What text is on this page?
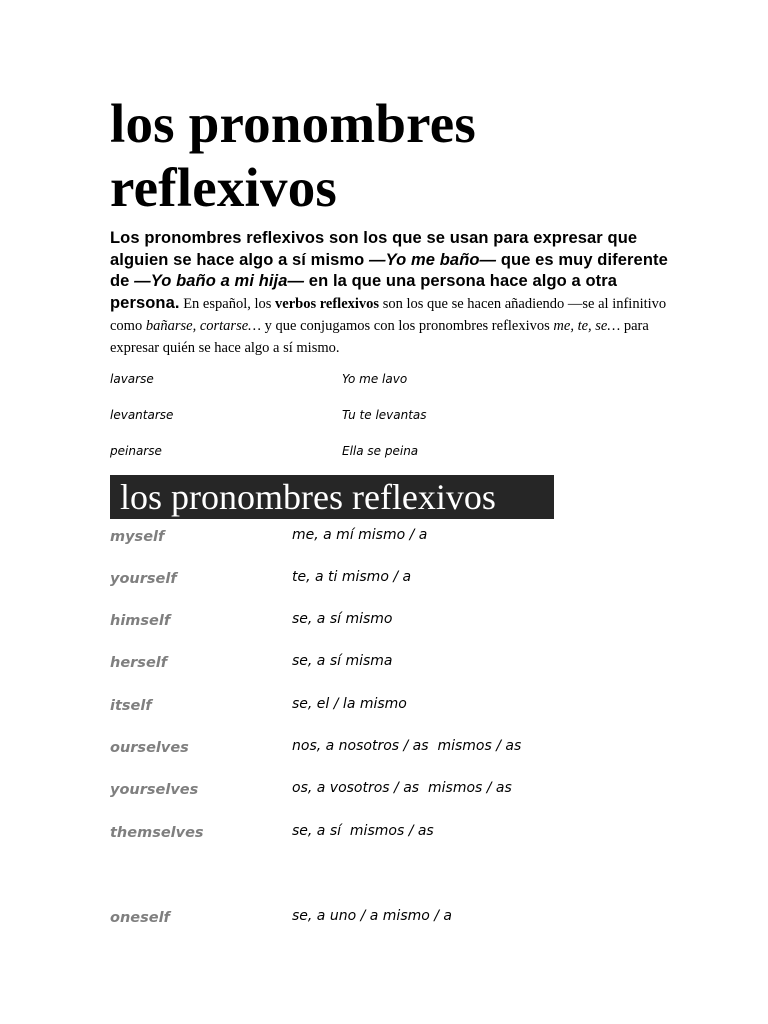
los pronombres reflexivos

Los pronombres reflexivos son los que se usan para expresar que alguien se hace algo a sí mismo —Yo me baño— que es muy diferente de —Yo baño a mi hija— en la que una persona hace algo a otra persona. En español, los verbos reflexivos son los que se hacen añadiendo —se al infinitivo como bañarse, cortarse… y que conjugamos con los pronombres reflexivos me, te, se… para expresar quién se hace algo a sí mismo.

lavarse	Yo me lavo
levantarse	Tu te levantas
peinarse	Ella se peina
los pronombres reflexivos
myself	me, a mí mismo / a
yourself	te, a ti mismo / a
himself	se, a sí mismo
herself	se, a sí misma
itself	se, el / la mismo
ourselves	nos, a nosotros / as  mismos / as
yourselves	os, a vosotros / as  mismos / as
themselves	se, a sí  mismos / as
oneself	se, a uno / a mismo / a
